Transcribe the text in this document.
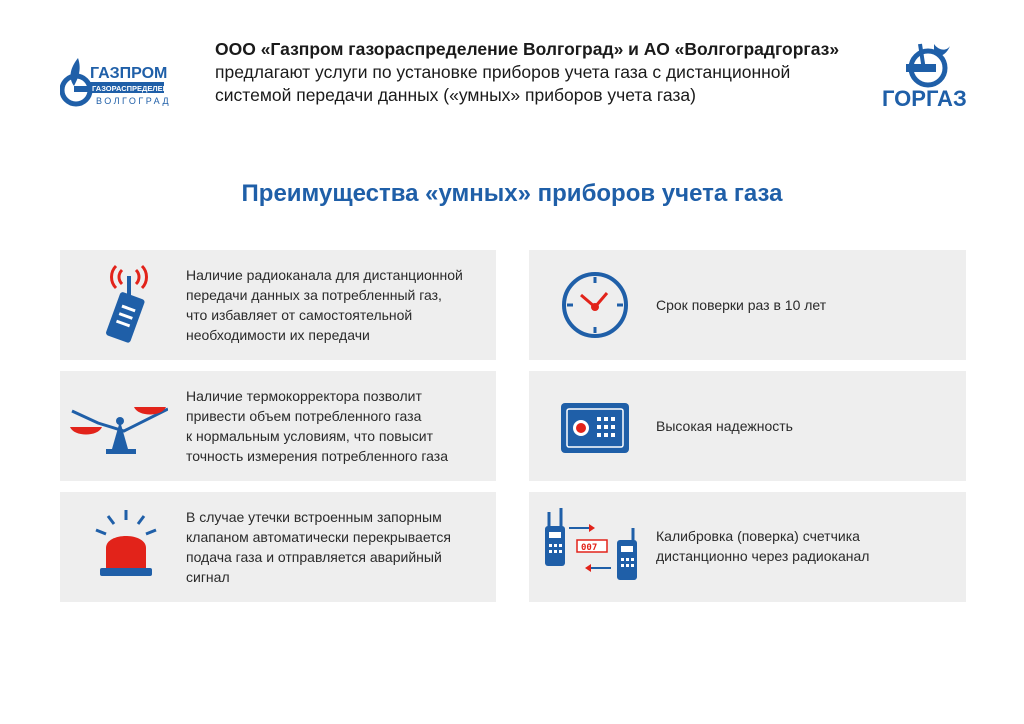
ГАЗПРОМ
ГАЗОРАСПРЕДЕЛЕНИЕ
ВОЛГОГРАД
ООО «Газпром газораспределение Волгоград» и АО «Волгоградгоргаз»
предлагают услуги по установке приборов учета газа с дистанционной
системой передачи данных («умных» приборов учета газа)	ГОРГАЗ
Преимущества «умных» приборов учета газа
Наличие радиоканала для дистанционной
передачи данных за потребленный газ,
что избавляет от самостоятельной
необходимости их передачи
Наличие термокорректора позволит
привести объем потребленного газа
к нормальным условиям, что повысит
точность измерения потребленного газа
В случае утечки встроенным запорным
клапаном автоматически перекрывается
подача газа и отправляется аварийный
сигнал
Срок поверки раз в 10 лет
Высокая надежность
007
Калибровка (поверка) счетчика
дистанционно через радиоканал
